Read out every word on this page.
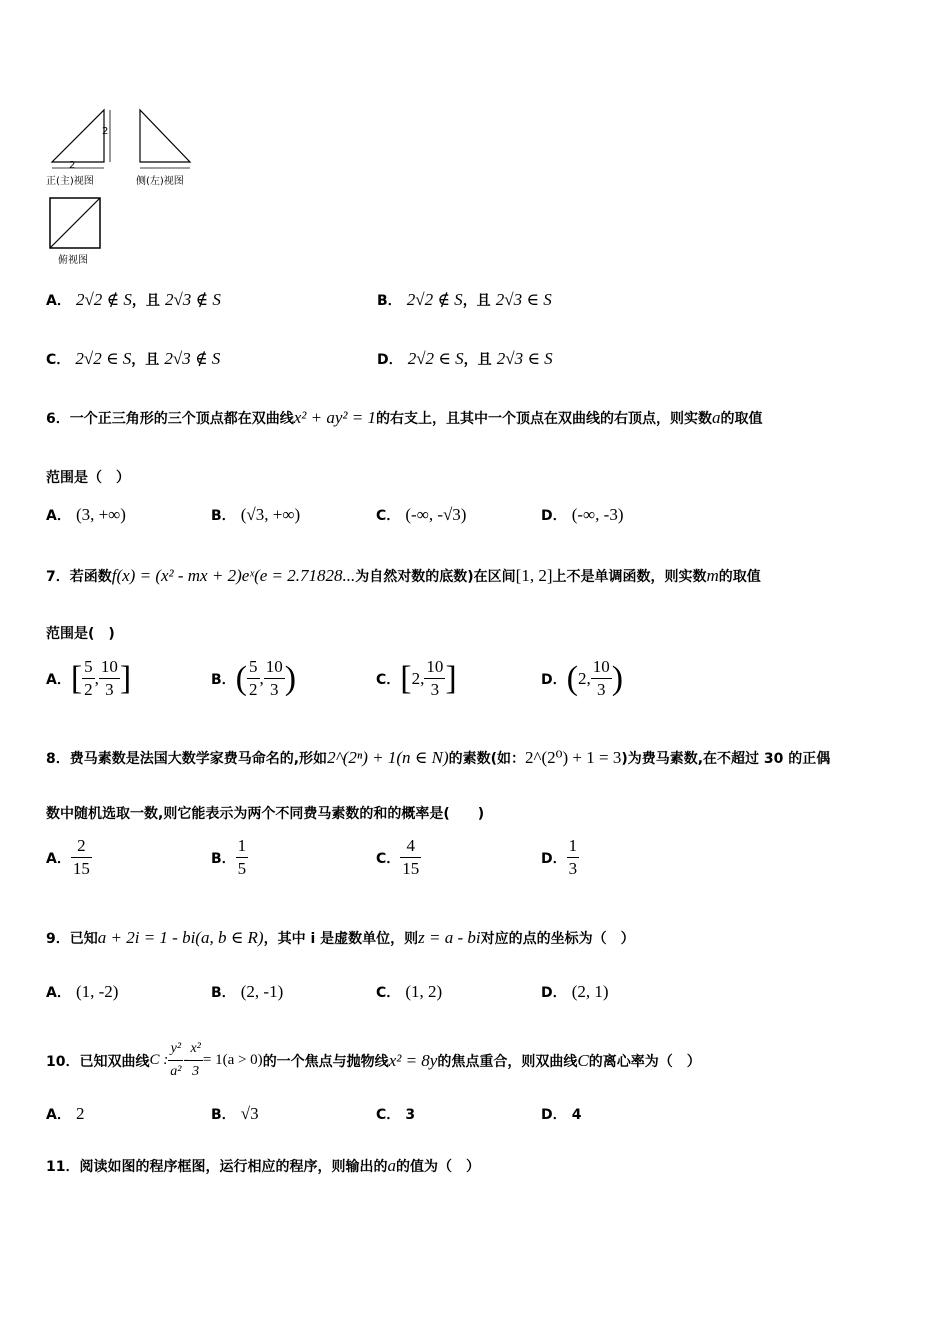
2
2
正(主)视图	侧(左)视图
俯视图
A． 2√2 ∉ S，且 2√3 ∉ S	B． 2√2 ∉ S，且 2√3 ∈ S
C． 2√2 ∈ S，且 2√3 ∉ S	D． 2√2 ∈ S，且 2√3 ∈ S
6．一个正三角形的三个顶点都在双曲线x² + ay² = 1的右支上，且其中一个顶点在双曲线的右顶点，则实数a的取值
范围是（　）
A． (3, +∞)	B． (√3, +∞)	C． (-∞, -√3)	D． (-∞, -3)
7．若函数f(x) = (x² - mx + 2)eˣ(e = 2.71828...为自然对数的底数)在区间[1, 2]上不是单调函数，则实数m的取值
范围是(　)
A． [ $\frac{5}{2}$ , $\frac{10}{3}$ ]	B． ( $\frac{5}{2}$ , $\frac{10}{3}$ )	C． [ 2, $\frac{10}{3}$ ]	D． ( 2, $\frac{10}{3}$ )
8．费马素数是法国大数学家费马命名的,形如2^(2ⁿ) + 1(n ∈ N)的素数(如：2^(2⁰) + 1 = 3)为费马素数,在不超过 30 的正偶
数中随机选取一数,则它能表示为两个不同费马素数的和的概率是(　　)
A． $\frac{2}{15}$	B． $\frac{1}{5}$	C． $\frac{4}{15}$	D． $\frac{1}{3}$
9．已知a + 2i = 1 - bi(a, b ∈ R)，其中 i 是虚数单位，则z = a - bi对应的点的坐标为（　）
A． (1, -2)	B． (2, -1)	C． (1, 2)	D． (2, 1)
10．已知双曲线 C : $\frac{\text{y²}}{\text{a²}} - \frac{\text{x²}}{3} = 1(a > 0)$ 的一个焦点与抛物线 x² = 8y 的焦点重合，则双曲线 C 的离心率为（　）
A． 2	B． √3	C． 3	D． 4
11．阅读如图的程序框图，运行相应的程序，则输出的a的值为（　）
